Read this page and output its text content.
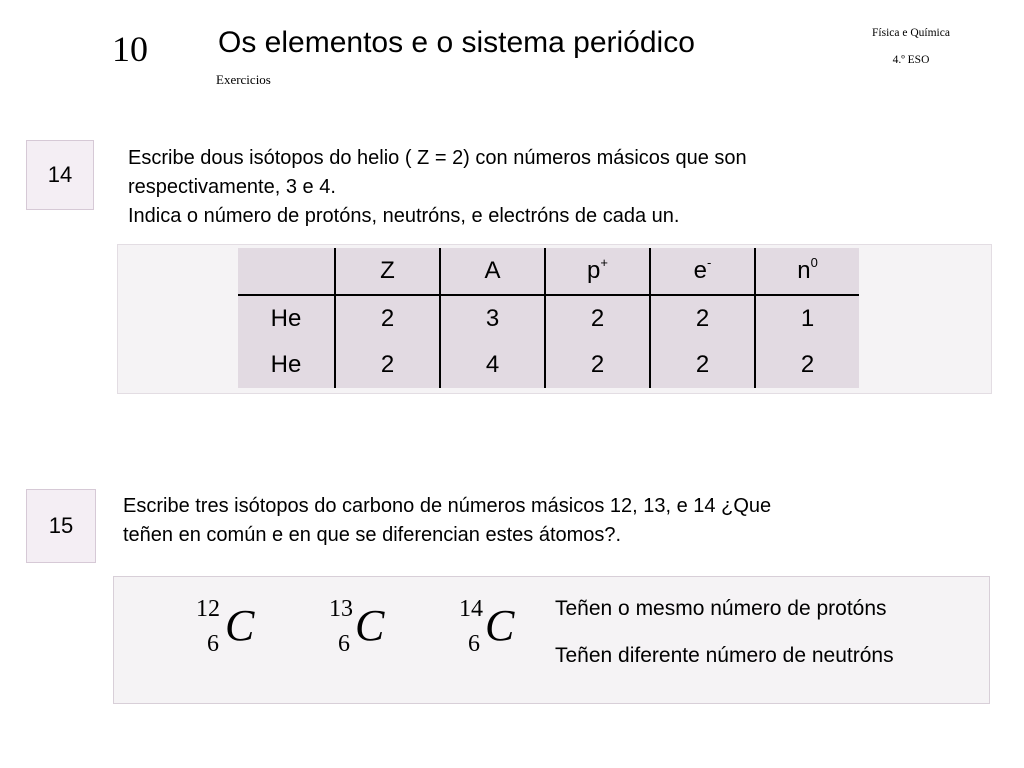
10 Os elementos e o sistema periódico
Exercicios
Física e Química
4.º ESO
14
Escribe dous isótopos do helio ( Z = 2) con números másicos que son
respectivamente, 3 e 4.
Indica o número de protóns, neutróns, e electróns de cada un.
	Z	A	p+	e-	$n^0$
He	2	3	2	2	1
He	2	4	2	2	2
15
Escribe tres isótopos do carbono de números másicos 12, 13, e 14 ¿Que
teñen en común e en que se diferencian estes átomos?.
12
6 C	13
6 C	14
6 C Teñen o mesmo número de protóns
Teñen diferente número de neutróns
